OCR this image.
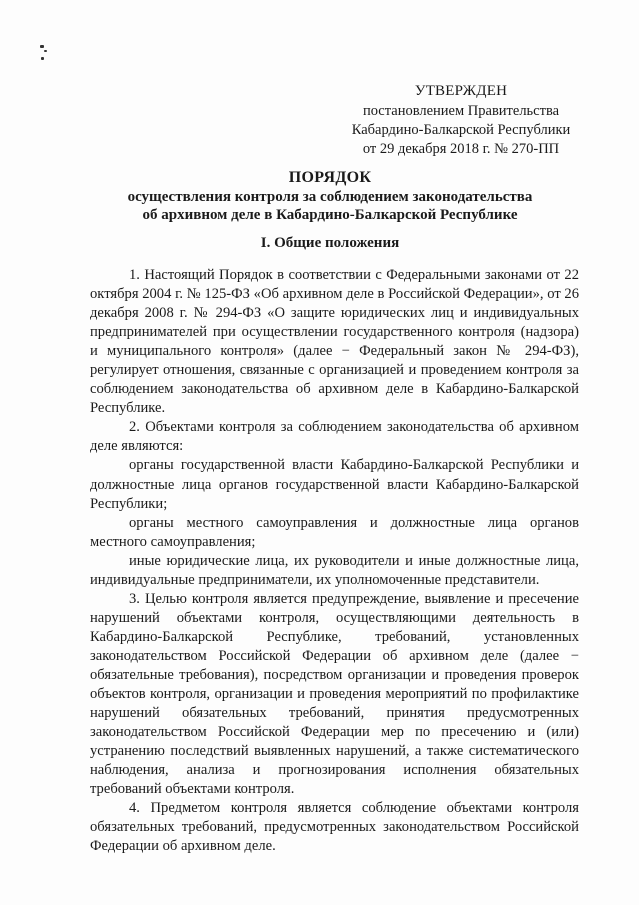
УТВЕРЖДЕН
постановлением Правительства
Кабардино-Балкарской Республики
от 29 декабря 2018 г. № 270-ПП
ПОРЯДОК
осуществления контроля за соблюдением законодательства
об архивном деле в Кабардино-Балкарской Республике
I. Общие положения

1. Настоящий Порядок в соответствии с Федеральными законами от 22 октября 2004 г. № 125-ФЗ «Об архивном деле в Российской Федерации», от 26 декабря 2008 г. № 294-ФЗ «О защите юридических лиц и индивидуальных предпринимателей при осуществлении государственного контроля (надзора) и муниципального контроля» (далее − Федеральный закон № 294-ФЗ), регулирует отношения, связанные с организацией и проведением контроля за соблюдением законодательства об архивном деле в Кабардино-Балкарской Республике.

2. Объектами контроля за соблюдением законодательства об архивном деле являются:

органы государственной власти Кабардино-Балкарской Республики и должностные лица органов государственной власти Кабардино-Балкарской Республики;

органы местного самоуправления и должностные лица органов местного самоуправления;

иные юридические лица, их руководители и иные должностные лица, индивидуальные предприниматели, их уполномоченные представители.

3. Целью контроля является предупреждение, выявление и пресечение нарушений объектами контроля, осуществляющими деятельность в Кабардино-Балкарской Республике, требований, установленных законодательством Российской Федерации об архивном деле (далее − обязательные требования), посредством организации и проведения проверок объектов контроля, организации и проведения мероприятий по профилактике нарушений обязательных требований, принятия предусмотренных законодательством Российской Федерации мер по пресечению и (или) устранению последствий выявленных нарушений, а также систематического наблюдения, анализа и прогнозирования исполнения обязательных требований объектами контроля.

4. Предметом контроля является соблюдение объектами контроля обязательных требований, предусмотренных законодательством Российской Федерации об архивном деле.
